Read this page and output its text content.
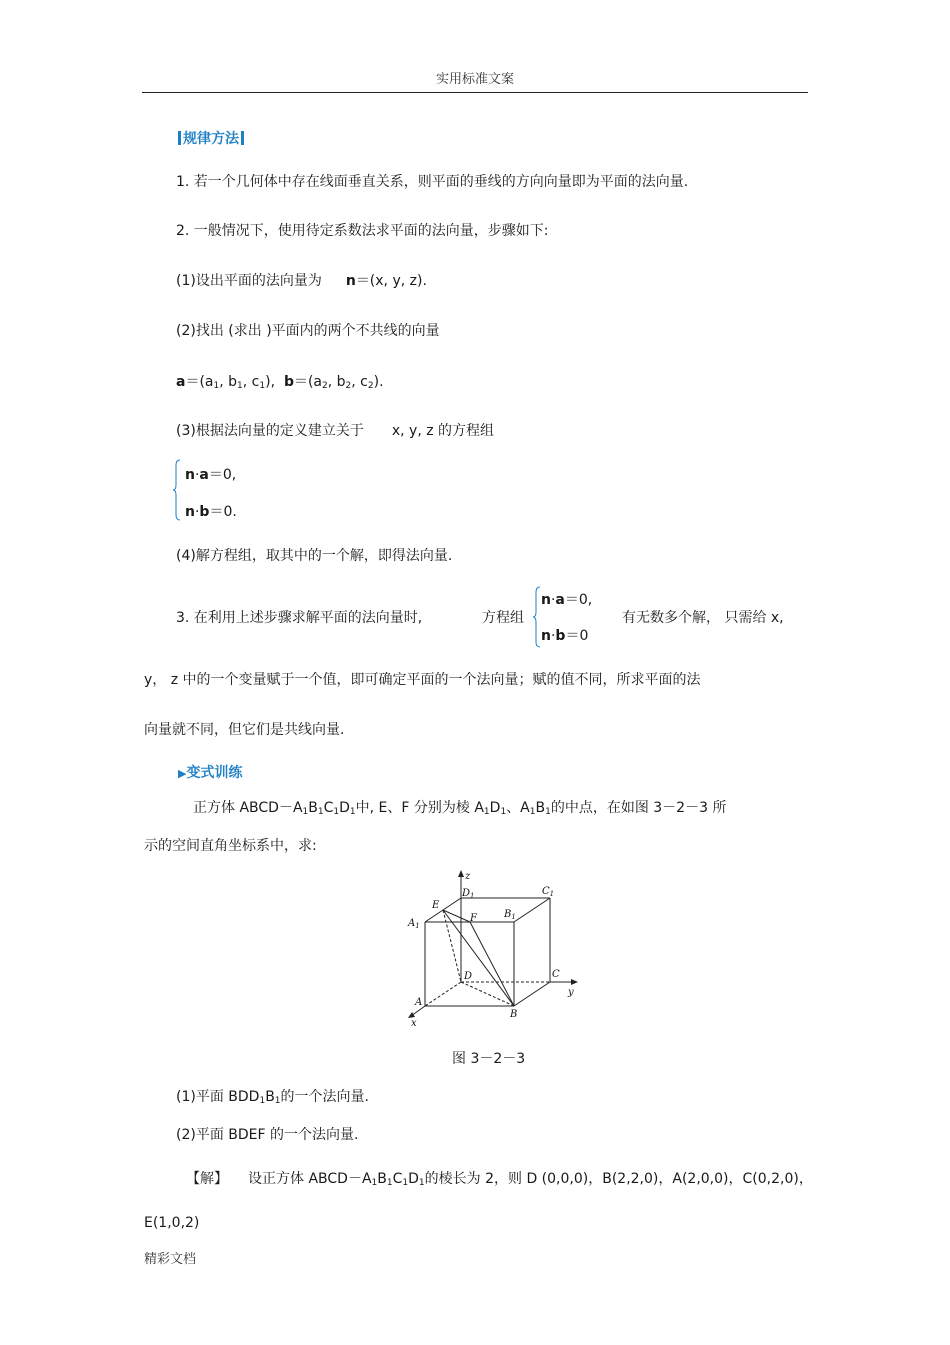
实用标准文案
规律方法
1. 若一个几何体中存在线面垂直关系，则平面的垂线的方向向量即为平面的法向量.
2. 一般情况下，使用待定系数法求平面的法向量，步骤如下:
(1)设出平面的法向量为 n＝(x, y, z).
(2)找出 (求出 )平面内的两个不共线的向量
$a=(a_1$, $b_1$, $c_1$), $b=(a_2$, $b_2$, $c_2$).
(3)根据法向量的定义建立关于 x, y, z 的方程组
n·a＝0,
n·b＝0.
(4)解方程组，取其中的一个解，即得法向量.
3. 在利用上述步骤求解平面的法向量时,	方程组
n·a＝0,
n·b＝0
有无数多个解， 只需给 x,
y， z 中的一个变量赋于一个值，即可确定平面的一个法向量；赋的值不同，所求平面的法
向量就不同，但它们是共线向量.
▶变式训练
正方体 $ABCD-A_1B_1C_1D_1$中, E、F 分别为棱 $A_1D_1$、$A_1B_1$的中点，在如图 3－2－3 所
示的空间直角坐标系中，求:
z
y
x
$D_1$	$C_1$
$A_1$
$B_1$
E
F
D	C
A
B
图 3－2－3
(1)平面 $BDD_1B_1$的一个法向量.
(2)平面 BDEF 的一个法向量.
【解】 设正方体 $ABCD-A_1B_1C_1D_1$的棱长为 2，则 D (0,0,0)，B(2,2,0)，A(2,0,0)，C(0,2,0)，
E(1,0,2)
精彩文档
